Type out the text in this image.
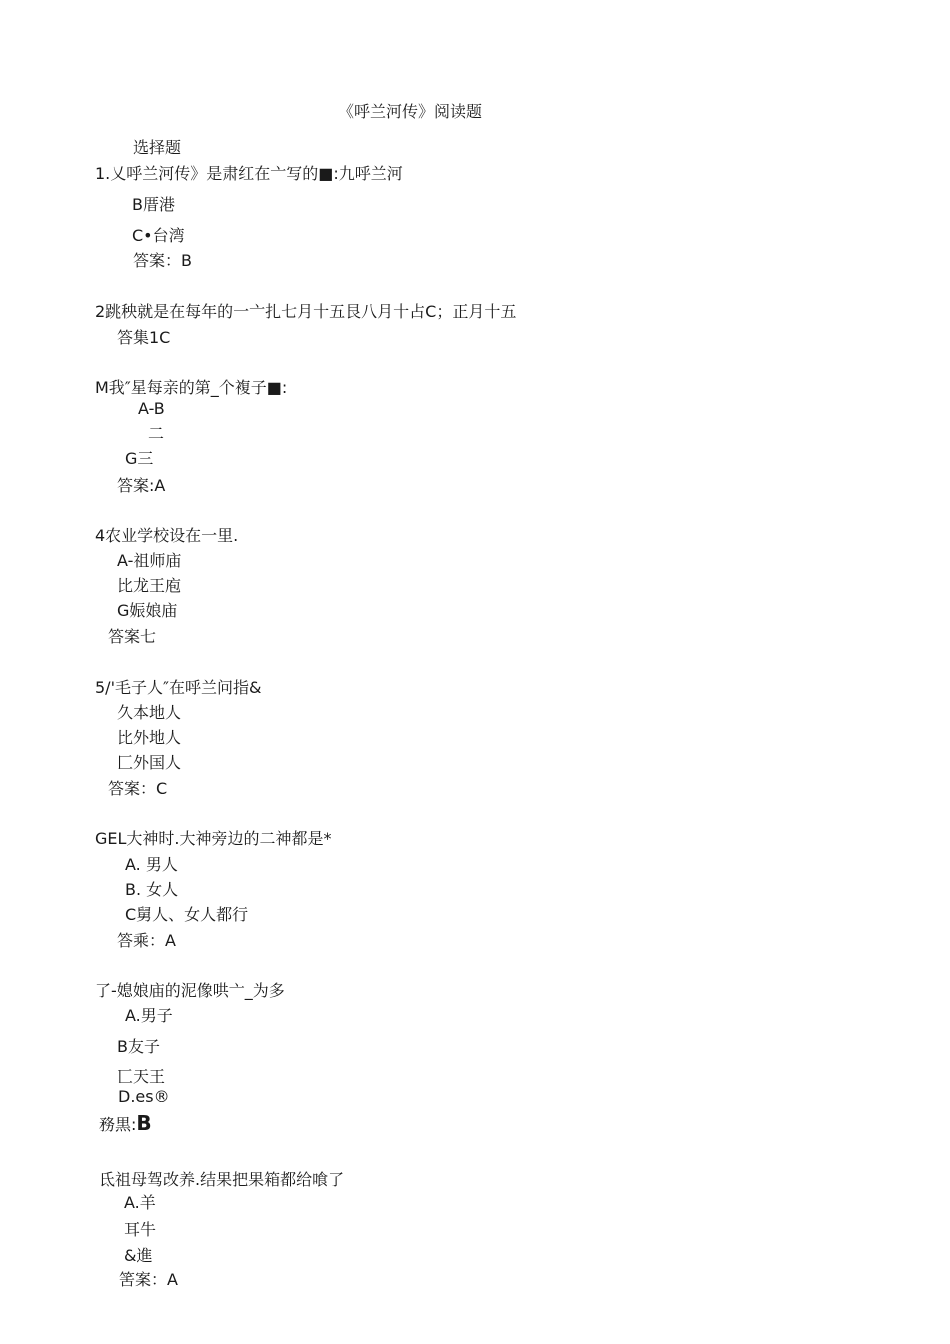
《呼兰河传》阅读题
选择题
1.乂呼兰河传》是肃红在亠写的■:九呼兰河
B厝港
C•台湾
答案：B
2跳秧就是在每年的一亠扎七月十五艮八月十占C；正月十五
答集1C
M我″星每亲的第_个複子■:
A-B
二
G三
答案:A
4农业学校设在一里.
A-祖师庙
比龙王庖
G娠娘庙
答案七
5/'毛子人″在呼兰问指&
久本地人
比外地人
匚外国人
答案：C
GEL大神时.大神旁边的二神都是*
A. 男人
B. 女人
C舅人、女人都行
答乘：A
了-媳娘庙的泥像哄亠_为多
A.男子
B友子
匸天王
D.es®
務黒:B
氐祖母驾改养.结果把果箱都给喰了
A.羊
耳牛
&進
筈案：A
